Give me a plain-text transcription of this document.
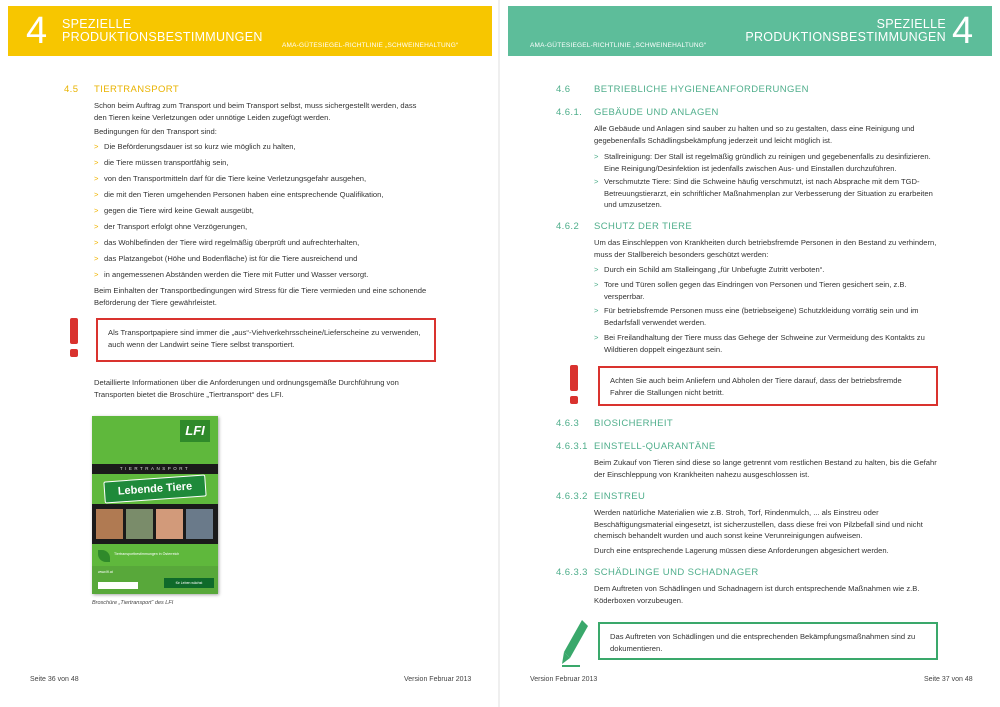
4 SPEZIELLE
PRODUKTIONSBESTIMMUNGEN
AMA-GÜTESIEGEL-RICHTLINIE „SCHWEINEHALTUNG“
4.5 TIERTRANSPORT
Schon beim Auftrag zum Transport und beim Transport selbst, muss sichergestellt werden, dass den Tieren keine Verletzungen oder unnötige Leiden zugefügt werden.
Bedingungen für den Transport sind:
> Die Beförderungsdauer ist so kurz wie möglich zu halten,
> die Tiere müssen transportfähig sein,
> von den Transportmitteln darf für die Tiere keine Verletzungsgefahr ausgehen,
> die mit den Tieren umgehenden Personen haben eine entsprechende Qualifikation,
> gegen die Tiere wird keine Gewalt ausgeübt,
> der Transport erfolgt ohne Verzögerungen,
> das Wohlbefinden der Tiere wird regelmäßig überprüft und aufrechterhalten,
> das Platzangebot (Höhe und Bodenfläche) ist für die Tiere ausreichend und
> in angemessenen Abständen werden die Tiere mit Futter und Wasser versorgt.
Beim Einhalten der Transportbedingungen wird Stress für die Tiere vermieden und eine schonende Beförderung der Tiere gewährleistet.
Als Transportpapiere sind immer die „aus“-Viehverkehrsscheine/Lieferscheine zu verwenden, auch wenn der Landwirt seine Tiere selbst transportiert.
Detaillierte Informationen über die Anforderungen und ordnungsgemäße Durchführung von Transporten bietet die Broschüre „Tiertransport“ des LFI.
LFI
TIERTRANSPORT
Lebende Tiere
Tiertransportbestimmungen in Österreich
www.lfi.at
für Leben wächst
Broschüre „Tiertransport“ des LFI
Seite 36 von 48	Version Februar 2013
AMA-GÜTESIEGEL-RICHTLINIE „SCHWEINEHALTUNG“
SPEZIELLE
PRODUKTIONSBESTIMMUNGEN 4
4.6 BETRIEBLICHE HYGIENEANFORDERUNGEN
4.6.1. GEBÄUDE UND ANLAGEN
Alle Gebäude und Anlagen sind sauber zu halten und so zu gestalten, dass eine Reinigung und gegebenenfalls Schädlingsbekämpfung jederzeit und leicht möglich ist.
> Stallreinigung: Der Stall ist regelmäßig gründlich zu reinigen und gegebenenfalls zu desinfizieren. Eine Reinigung/Desinfektion ist jedenfalls zwischen Aus- und Einstallen durchzuführen.
> Verschmutzte Tiere: Sind die Schweine häufig verschmutzt, ist nach Absprache mit dem TGD-Betreuungstierarzt, ein schriftlicher Maßnahmenplan zur Verbesserung der Situation zu erarbeiten und umzusetzen.
4.6.2 SCHUTZ DER TIERE
Um das Einschleppen von Krankheiten durch betriebsfremde Personen in den Bestand zu verhindern, muss der Stallbereich besonders geschützt werden:
> Durch ein Schild am Stalleingang „für Unbefugte Zutritt verboten“.
> Tore und Türen sollen gegen das Eindringen von Personen und Tieren gesichert sein, z.B. versperrbar.
> Für betriebsfremde Personen muss eine (betriebseigene) Schutzkleidung vorrätig sein und im Bedarfsfall verwendet werden.
> Bei Freilandhaltung der Tiere muss das Gehege der Schweine zur Vermeidung des Kontakts zu Wildtieren doppelt eingezäunt sein.
Achten Sie auch beim Anliefern und Abholen der Tiere darauf, dass der betriebsfremde Fahrer die Stallungen nicht betritt.
4.6.3 BIOSICHERHEIT
4.6.3.1 EINSTELL-QUARANTÄNE
Beim Zukauf von Tieren sind diese so lange getrennt vom restlichen Bestand zu halten, bis die Gefahr der Einschleppung von Krankheiten nahezu ausgeschlossen ist.
4.6.3.2 EINSTREU
Werden natürliche Materialien wie z.B. Stroh, Torf, Rindenmulch, ... als Einstreu oder Beschäftigungsmaterial eingesetzt, ist sicherzustellen, dass diese frei von Pilzbefall sind und nicht chemisch behandelt wurden und auch sonst keine Verunreinigungen aufweisen.
Durch eine entsprechende Lagerung müssen diese Anforderungen abgesichert werden.
4.6.3.3 SCHÄDLINGE UND SCHADNAGER
Dem Auftreten von Schädlingen und Schadnagern ist durch entsprechende Maßnahmen wie z.B. Köderboxen vorzubeugen.
Das Auftreten von Schädlingen und die entsprechenden Bekämpfungsmaßnahmen sind zu dokumentieren.
Version Februar 2013	Seite 37 von 48
